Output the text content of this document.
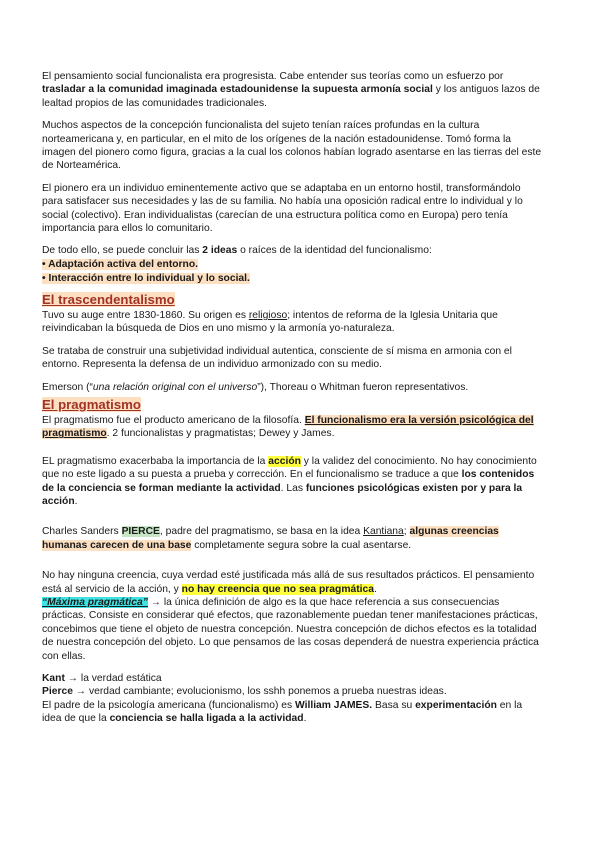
El pensamiento social funcionalista era progresista. Cabe entender sus teorías como un esfuerzo por trasladar a la comunidad imaginada estadounidense la supuesta armonía social y los antiguos lazos de lealtad propios de las comunidades tradicionales.

Muchos aspectos de la concepción funcionalista del sujeto tenían raíces profundas en la cultura norteamericana y, en particular, en el mito de los orígenes de la nación estadounidense. Tomó forma la imagen del pionero como figura, gracias a la cual los colonos habían logrado asentarse en las tierras del este de Norteamérica.

El pionero era un individuo eminentemente activo que se adaptaba en un entorno hostil, transformándolo para satisfacer sus necesidades y las de su familia. No había una oposición radical entre lo individual y lo social (colectivo). Eran individualistas (carecían de una estructura política como en Europa) pero tenía importancia para ellos lo comunitario.

De todo ello, se puede concluir las 2 ideas o raíces de la identidad del funcionalismo:

• Adaptación activa del entorno.
• Interacción entre lo individual y lo social.
El trascendentalismo

Tuvo su auge entre 1830-1860. Su origen es religioso; intentos de reforma de la Iglesia Unitaria que reivindicaban la búsqueda de Dios en uno mismo y la armonía yo-naturaleza.

Se trataba de construir una subjetividad individual autentica, consciente de sí misma en armonia con el entorno. Representa la defensa de un individuo armonizado con su medio.

Emerson (“una relación original con el universo”), Thoreau o Whitman fueron representativos.

El pragmatismo

El pragmatismo fue el producto americano de la filosofía. El funcionalismo era la versión psicológica del pragmatismo. 2 funcionalistas y pragmatistas; Dewey y James.

EL pragmatismo exacerbaba la importancia de la acción y la validez del conocimiento. No hay conocimiento que no este ligado a su puesta a prueba y corrección. En el funcionalismo se traduce a que los contenidos de la conciencia se forman mediante la actividad. Las funciones psicológicas existen por y para la acción.

Charles Sanders PIERCE, padre del pragmatismo, se basa en la idea Kantiana; algunas creencias humanas carecen de una base completamente segura sobre la cual asentarse.

No hay ninguna creencia, cuya verdad esté justificada más allá de sus resultados prácticos. El pensamiento está al servicio de la acción, y no hay creencia que no sea pragmática.
“Máxima pragmática” → la única definición de algo es la que hace referencia a sus consecuencias prácticas. Consiste en considerar qué efectos, que razonablemente puedan tener manifestaciones prácticas, concebimos que tiene el objeto de nuestra concepción. Nuestra concepción de dichos efectos es la totalidad de nuestra concepción del objeto. Lo que pensamos de las cosas dependerá de nuestra experiencia práctica con ellas.

Kant → la verdad estática
Pierce → verdad cambiante; evolucionismo, los sshh ponemos a prueba nuestras ideas.
El padre de la psicología americana (funcionalismo) es William JAMES. Basa su experimentación en la idea de que la conciencia se halla ligada a la actividad.
